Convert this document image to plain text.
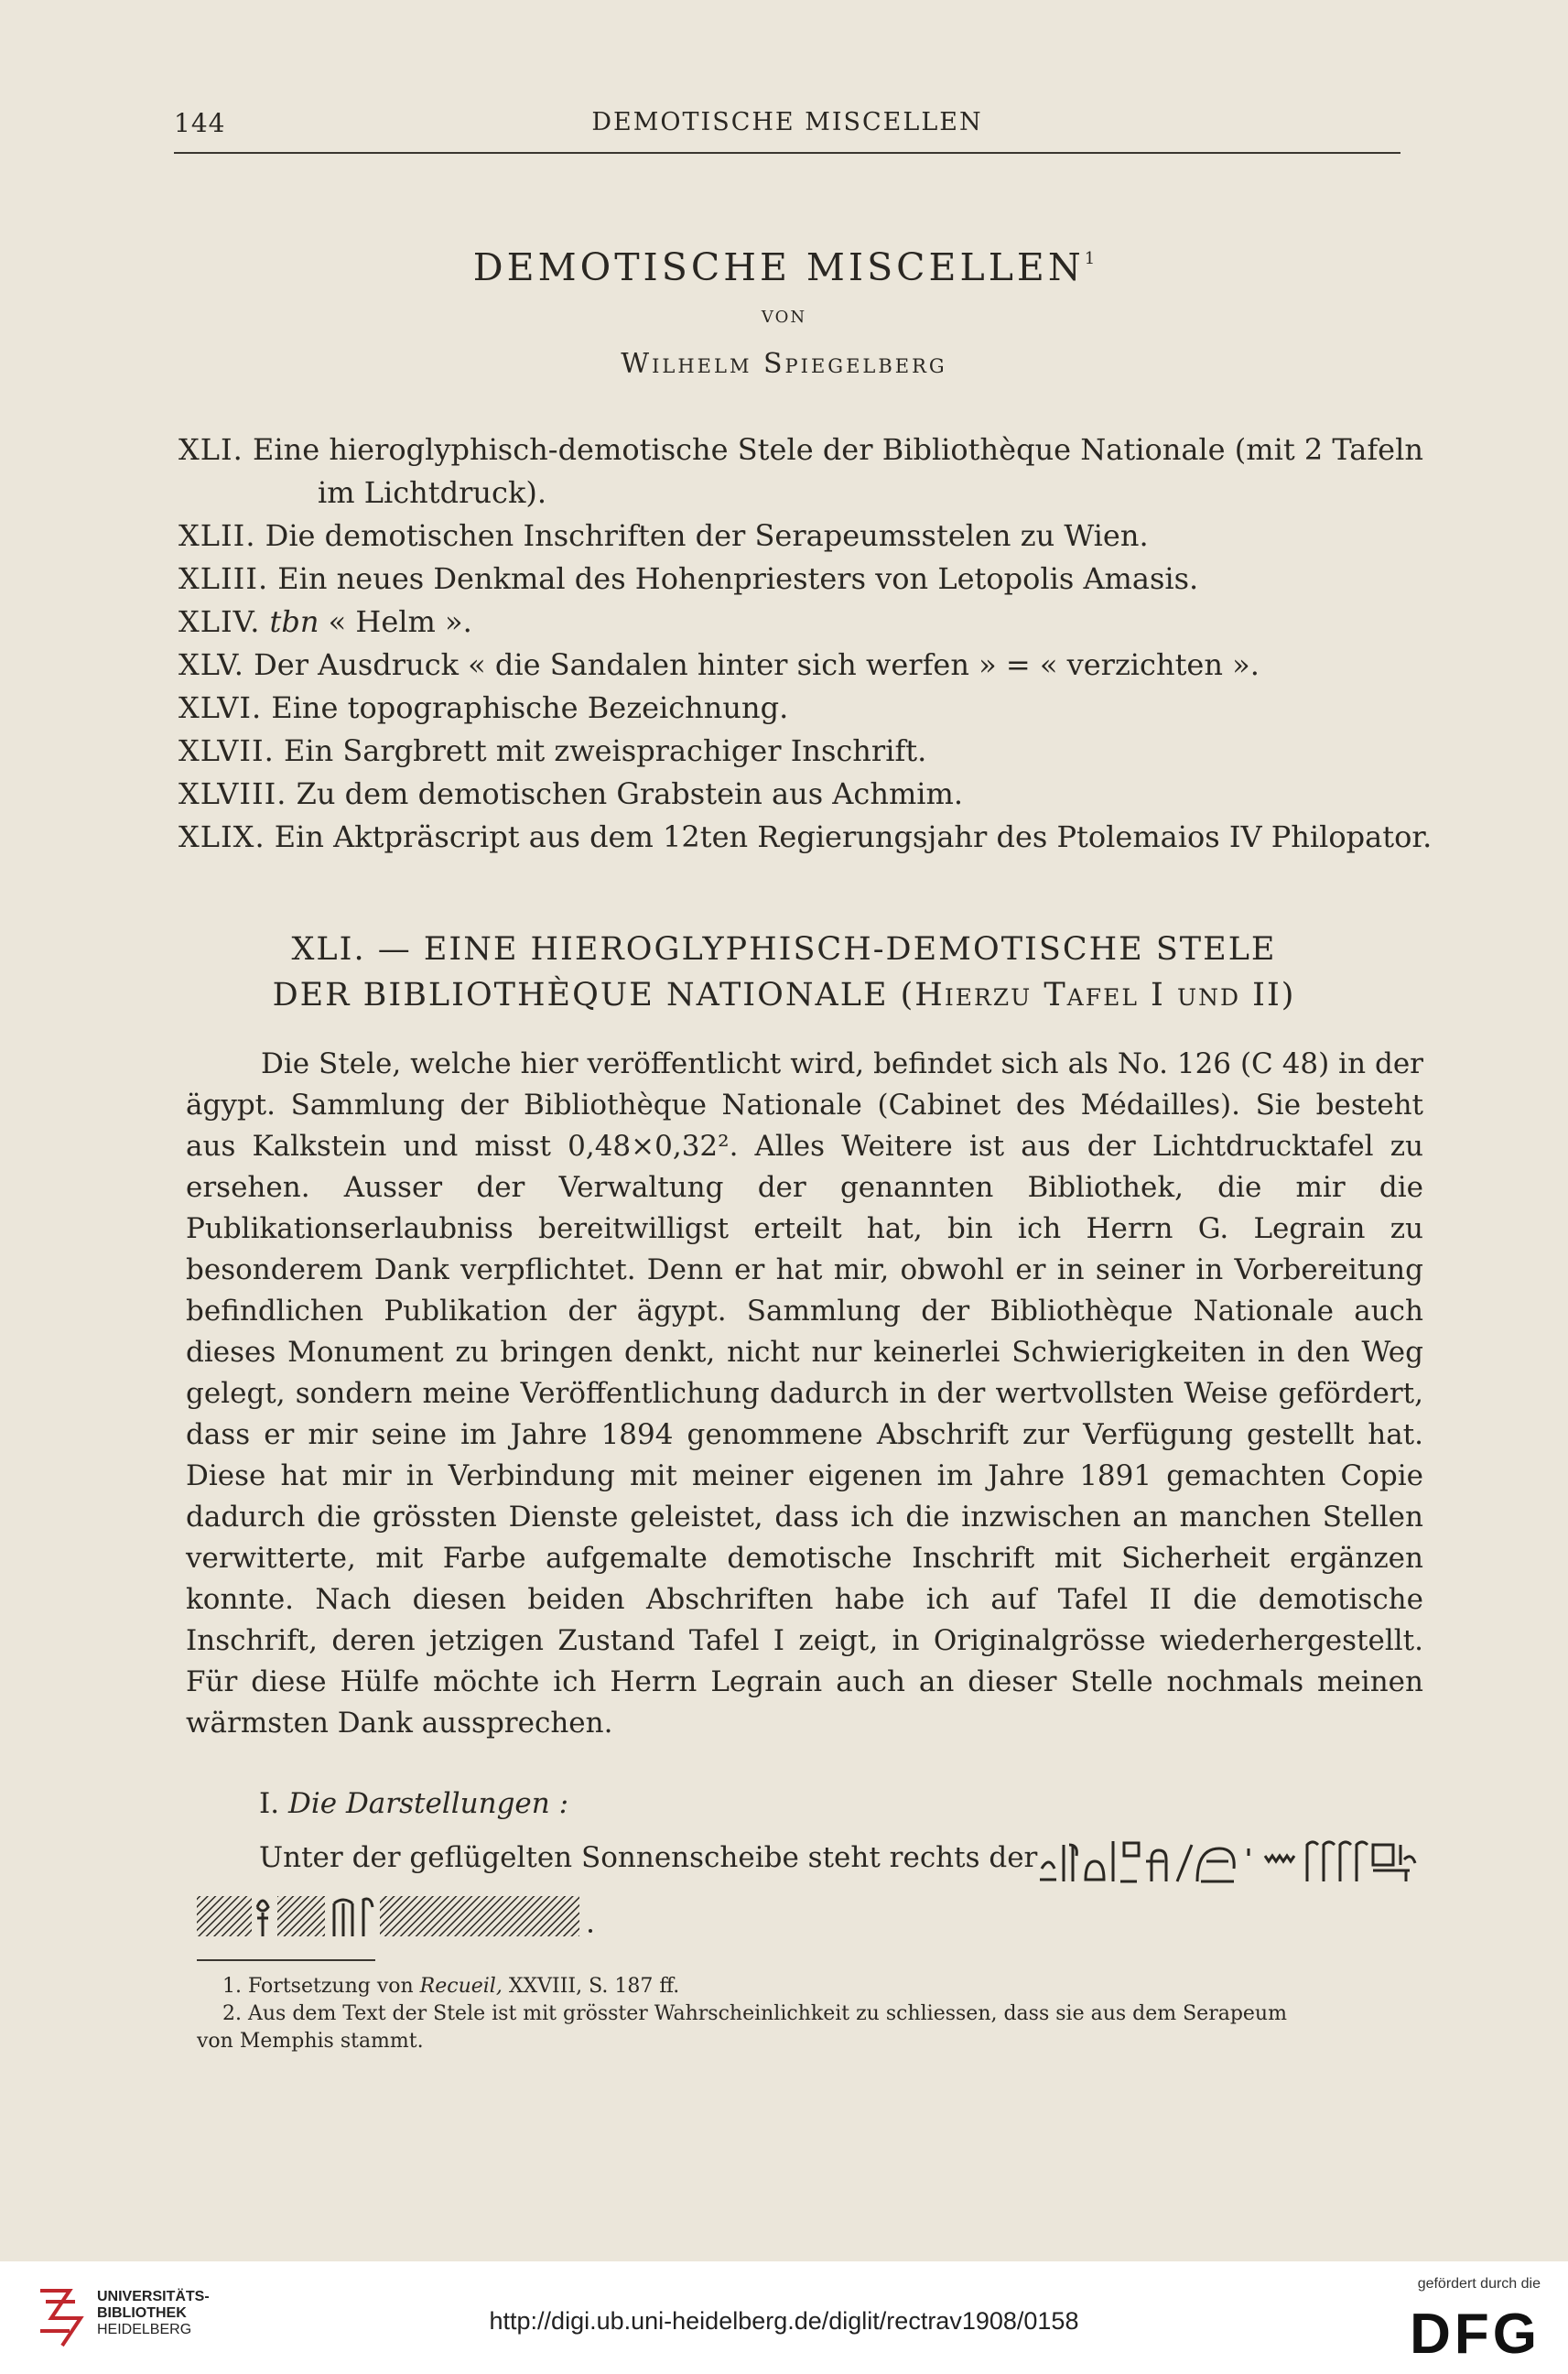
144	DEMOTISCHE MISCELLEN
DEMOTISCHE MISCELLEN$^1$
VON
Wilhelm Spiegelberg
XLI. Eine hieroglyphisch-demotische Stele der Bibliothèque Nationale (mit 2 Tafeln
im Lichtdruck).
XLII. Die demotischen Inschriften der Serapeumsstelen zu Wien.
XLIII. Ein neues Denkmal des Hohenpriesters von Letopolis Amasis.
XLIV. tbn « Helm ».
XLV. Der Ausdruck « die Sandalen hinter sich werfen » = « verzichten ».
XLVI. Eine topographische Bezeichnung.
XLVII. Ein Sargbrett mit zweisprachiger Inschrift.
XLVIII. Zu dem demotischen Grabstein aus Achmim.
XLIX. Ein Aktpräscript aus dem 12ten Regierungsjahr des Ptolemaios IV Philopator.
XLI. — EINE HIEROGLYPHISCH-DEMOTISCHE STELE
DER BIBLIOTHÈQUE NATIONALE (Hierzu Tafel I und II)

Die Stele, welche hier veröffentlicht wird, befindet sich als No. 126 (C 48) in der ägypt. Sammlung der Bibliothèque Nationale (Cabinet des Médailles). Sie besteht aus Kalkstein und misst 0,48×0,32². Alles Weitere ist aus der Lichtdrucktafel zu ersehen. Ausser der Verwaltung der genannten Bibliothek, die mir die Publikationserlaubniss bereitwilligst erteilt hat, bin ich Herrn G. Legrain zu besonderem Dank verpflichtet. Denn er hat mir, obwohl er in seiner in Vorbereitung befindlichen Publikation der ägypt. Sammlung der Bibliothèque Nationale auch dieses Monument zu bringen denkt, nicht nur keinerlei Schwierigkeiten in den Weg gelegt, sondern meine Veröffentlichung dadurch in der wertvollsten Weise gefördert, dass er mir seine im Jahre 1894 genommene Abschrift zur Verfügung gestellt hat. Diese hat mir in Verbindung mit meiner eigenen im Jahre 1891 gemachten Copie dadurch die grössten Dienste geleistet, dass ich die inzwischen an manchen Stellen verwitterte, mit Farbe aufgemalte demotische Inschrift mit Sicherheit ergänzen konnte. Nach diesen beiden Abschriften habe ich auf Tafel II die demotische Inschrift, deren jetzigen Zustand Tafel I zeigt, in Originalgrösse wiederhergestellt. Für diese Hülfe möchte ich Herrn Legrain auch an dieser Stelle nochmals meinen wärmsten Dank aussprechen.

I. Die Darstellungen :
Unter der geflügelten Sonnenscheibe steht rechts der

1. Fortsetzung von Recueil, XXVIII, S. 187 ff.

2. Aus dem Text der Stele ist mit grösster Wahrscheinlichkeit zu schliessen, dass sie aus dem Serapeum

von Memphis stammt.

UNIVERSITÄTS-
BIBLIOTHEK
HEIDELBERG	http://digi.ub.uni-heidelberg.de/diglit/rectrav1908/0158
gefördert durch die
DFG
